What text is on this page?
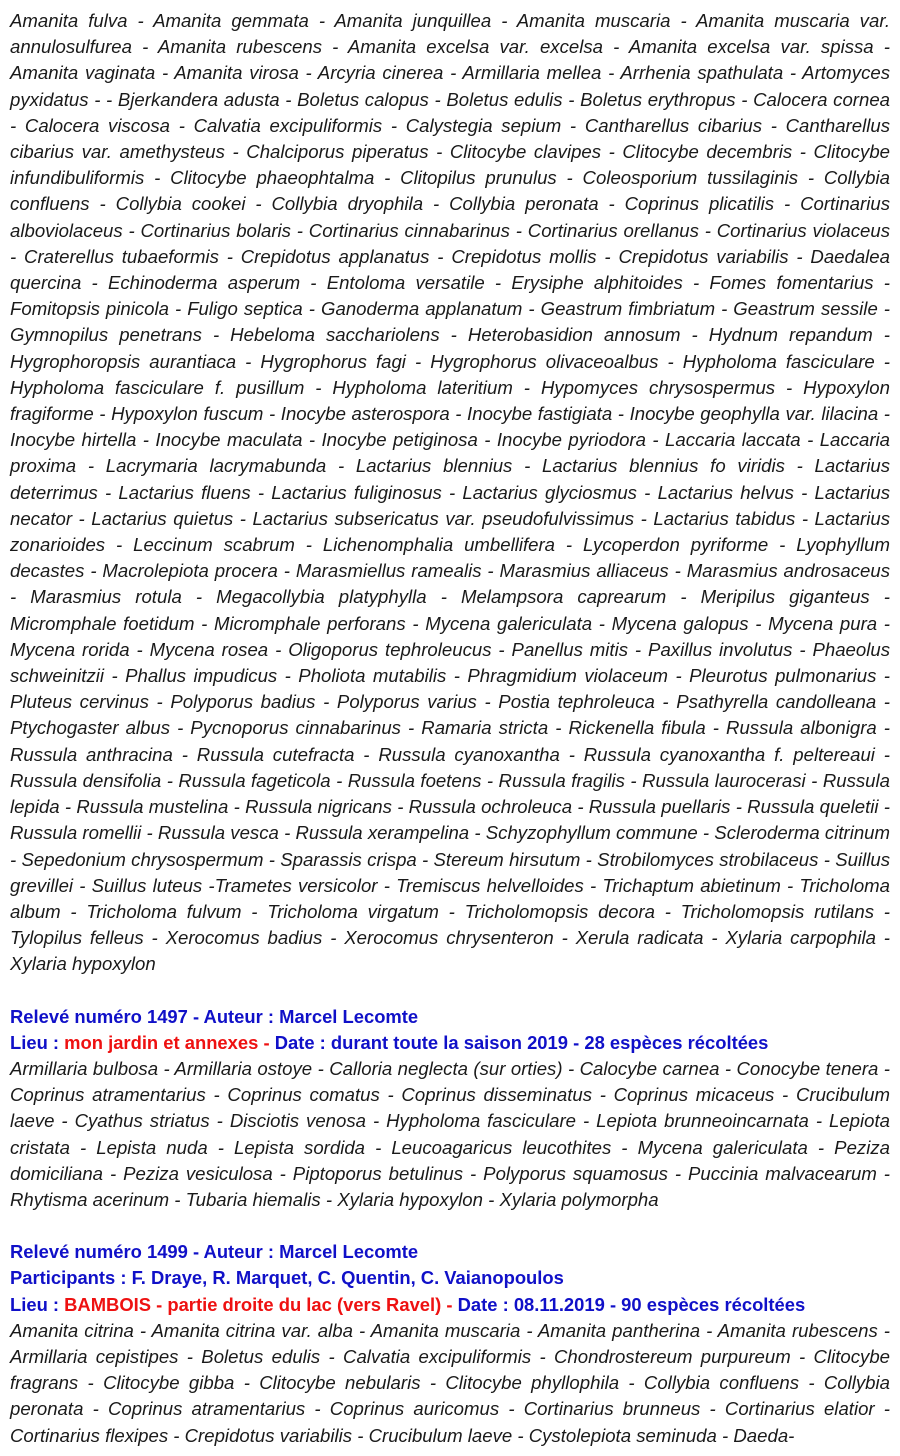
Amanita fulva - Amanita gemmata - Amanita junquillea - Amanita muscaria - Amanita muscaria var. annulosulfurea - Amanita rubescens - Amanita excelsa var. excelsa - Amanita excelsa var. spissa - Amanita vaginata - Amanita virosa - Arcyria cinerea - Armillaria mellea - Arrhenia spathulata - Artomyces pyxidatus - - Bjerkandera adusta - Boletus calopus - Boletus edulis - Boletus erythropus - Calocera cornea - Calocera viscosa - Calvatia excipuliformis - Calystegia sepium - Cantharellus cibarius - Cantharellus cibarius var. amethysteus - Chalciporus piperatus - Clitocybe clavipes - Clitocybe decembris - Clitocybe infundibuliformis - Clitocybe phaeophtalma - Clitopilus prunulus - Coleosporium tussilaginis - Collybia confluens - Collybia cookei - Collybia dryophila - Collybia peronata - Coprinus plicatilis - Cortinarius alboviolaceus - Cortinarius bolaris - Cortinarius cinnabarinus - Cortinarius orellanus - Cortinarius violaceus - Craterellus tubaeformis - Crepidotus applanatus - Crepidotus mollis - Crepidotus variabilis - Daedalea quercina - Echinoderma asperum - Entoloma versatile - Erysiphe alphitoides - Fomes fomentarius - Fomitopsis pinicola - Fuligo septica - Ganoderma applanatum - Geastrum fimbriatum - Geastrum sessile - Gymnopilus penetrans - Hebeloma sacchariolens - Heterobasidion annosum - Hydnum repandum - Hygrophoropsis aurantiaca - Hygrophorus fagi - Hygrophorus olivaceoalbus - Hypholoma fasciculare - Hypholoma fasciculare f. pusillum - Hypholoma lateritium - Hypomyces chrysospermus - Hypoxylon fragiforme - Hypoxylon fuscum - Inocybe asterospora - Inocybe fastigiata - Inocybe geophylla var. lilacina - Inocybe hirtella - Inocybe maculata - Inocybe petiginosa - Inocybe pyriodora - Laccaria laccata - Laccaria proxima - Lacrymaria lacrymabunda - Lactarius blennius - Lactarius blennius fo viridis - Lactarius deterrimus - Lactarius fluens - Lactarius fuliginosus - Lactarius glyciosmus - Lactarius helvus - Lactarius necator - Lactarius quietus - Lactarius subsericatus var. pseudofulvissimus - Lactarius tabidus - Lactarius zonarioides - Leccinum scabrum - Lichenomphalia umbellifera - Lycoperdon pyriforme - Lyophyllum decastes - Macrolepiota procera - Marasmiellus ramealis - Marasmius alliaceus - Marasmius androsaceus - Marasmius rotula - Megacollybia platyphylla - Melampsora caprearum - Meripilus giganteus - Micromphale foetidum - Micromphale perforans - Mycena galericulata - Mycena galopus - Mycena pura - Mycena rorida - Mycena rosea - Oligoporus tephroleucus - Panellus mitis - Paxillus involutus - Phaeolus schweinitzii - Phallus impudicus - Pholiota mutabilis - Phragmidium violaceum - Pleurotus pulmonarius - Pluteus cervinus - Polyporus badius - Polyporus varius - Postia tephroleuca - Psathyrella candolleana - Ptychogaster albus - Pycnoporus cinnabarinus - Ramaria stricta - Rickenella fibula - Russula albonigra - Russula anthracina - Russula cutefracta - Russula cyanoxantha - Russula cyanoxantha f. peltereaui - Russula densifolia - Russula fageticola - Russula foetens - Russula fragilis - Russula laurocerasi - Russula lepida - Russula mustelina - Russula nigricans - Russula ochroleuca - Russula puellaris - Russula queletii - Russula romellii - Russula vesca - Russula xerampelina - Schyzophyllum commune - Scleroderma citrinum - Sepedonium chrysospermum - Sparassis crispa - Stereum hirsutum - Strobilomyces strobilaceus - Suillus grevillei - Suillus luteus -Trametes versicolor - Tremiscus helvelloides - Trichaptum abietinum - Tricholoma album - Tricholoma fulvum - Tricholoma virgatum - Tricholomopsis decora - Tricholomopsis rutilans - Tylopilus felleus - Xerocomus badius - Xerocomus chrysenteron - Xerula radicata - Xylaria carpophila - Xylaria hypoxylon

Relevé numéro 1497 - Auteur : Marcel Lecomte

Lieu : mon jardin et annexes - Date : durant toute la saison 2019 - 28 espèces récoltées

Armillaria bulbosa - Armillaria ostoye - Calloria neglecta (sur orties) - Calocybe carnea - Conocybe tenera - Coprinus atramentarius - Coprinus comatus - Coprinus disseminatus - Coprinus micaceus - Crucibulum laeve - Cyathus striatus - Disciotis venosa - Hypholoma fasciculare - Lepiota brunneoincarnata - Lepiota cristata - Lepista nuda - Lepista sordida - Leucoagaricus leucothites - Mycena galericulata - Peziza domiciliana - Peziza vesiculosa - Piptoporus betulinus - Polyporus squamosus - Puccinia malvacearum - Rhytisma acerinum - Tubaria hiemalis - Xylaria hypoxylon - Xylaria polymorpha

Relevé numéro 1499 - Auteur : Marcel Lecomte

Participants : F. Draye, R. Marquet, C. Quentin, C. Vaianopoulos

Lieu : BAMBOIS - partie droite du lac (vers Ravel) - Date : 08.11.2019 - 90 espèces récoltées

Amanita citrina - Amanita citrina var. alba - Amanita muscaria - Amanita pantherina - Amanita rubescens - Armillaria cepistipes - Boletus edulis - Calvatia excipuliformis - Chondrostereum purpureum - Clitocybe fragrans - Clitocybe gibba - Clitocybe nebularis - Clitocybe phyllophila - Collybia confluens - Collybia peronata - Coprinus atramentarius - Coprinus auricomus - Cortinarius brunneus - Cortinarius elatior - Cortinarius flexipes - Crepidotus variabilis - Crucibulum laeve - Cystolepiota seminuda - Daeda-
